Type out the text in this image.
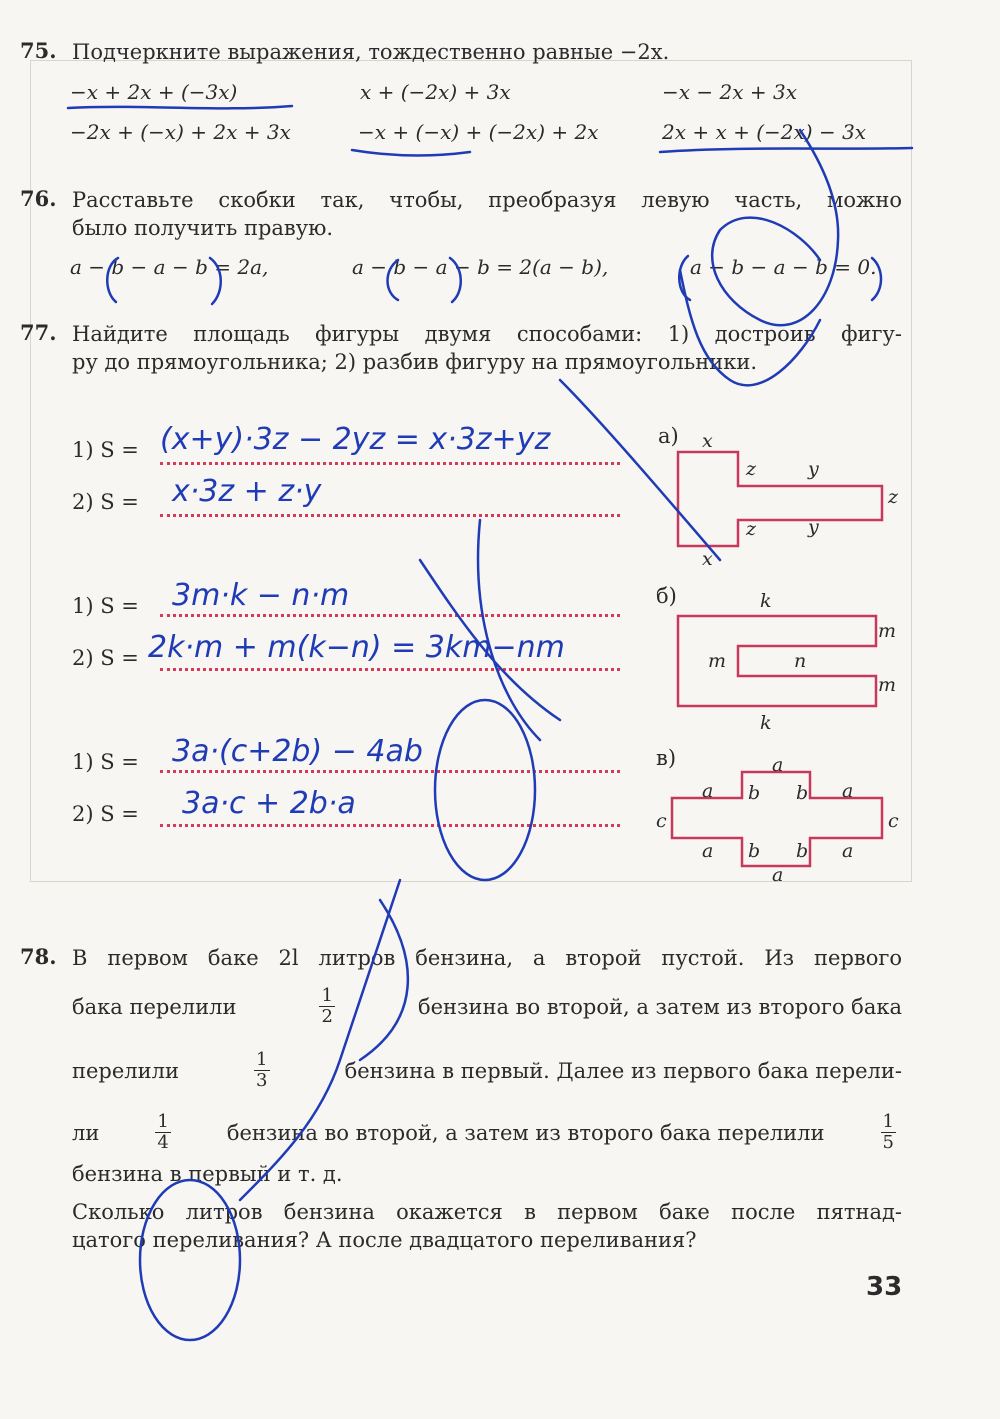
75. Подчеркните выражения, тождественно равные −2x.
−x + 2x + (−3x)	x + (−2x) + 3x	−x − 2x + 3x
−2x + (−x) + 2x + 3x	−x + (−x) + (−2x) + 2x	2x + x + (−2x) − 3x
76. Расставьте скобки так, чтобы, преобразуя левую часть, можно
было получить правую.
a − b − a − b = 2a,	a − b − a − b = 2(a − b),	a − b − a − b = 0.
77. Найдите площадь фигуры двумя способами: 1) достроив фигу-
ру до прямоугольника; 2) разбив фигуру на прямоугольники.
1) S = (x+y)·3z − 2yz = x·3z+yz
2) S = x·3z + z·y
1) S = 3m·k − n·m
2) S = 2k·m + m(k−n) = 3km−nm
1) S = 3a·(c+2b) − 4ab
2) S = 3a·c + 2b·a
а) x
z	y
z
z	y
x
б)	k
m
m	n
m
k
в)	a
a b b a
c	c
a b b a
a
78. В первом баке 2l литров бензина, а второй пустой. Из первого
бака перелили	$\frac{1}{2}$	бензина во второй, а затем из второго бака
перелили	$\frac{1}{3}$	бензина в первый. Далее из первого бака перели-
ли	$\frac{1}{4}$	бензина во второй, а затем из второго бака перелили	$\frac{1}{5}$
бензина в первый и т. д.
Сколько литров бензина окажется в первом баке после пятнад-
цатого переливания? А после двадцатого переливания?
33
